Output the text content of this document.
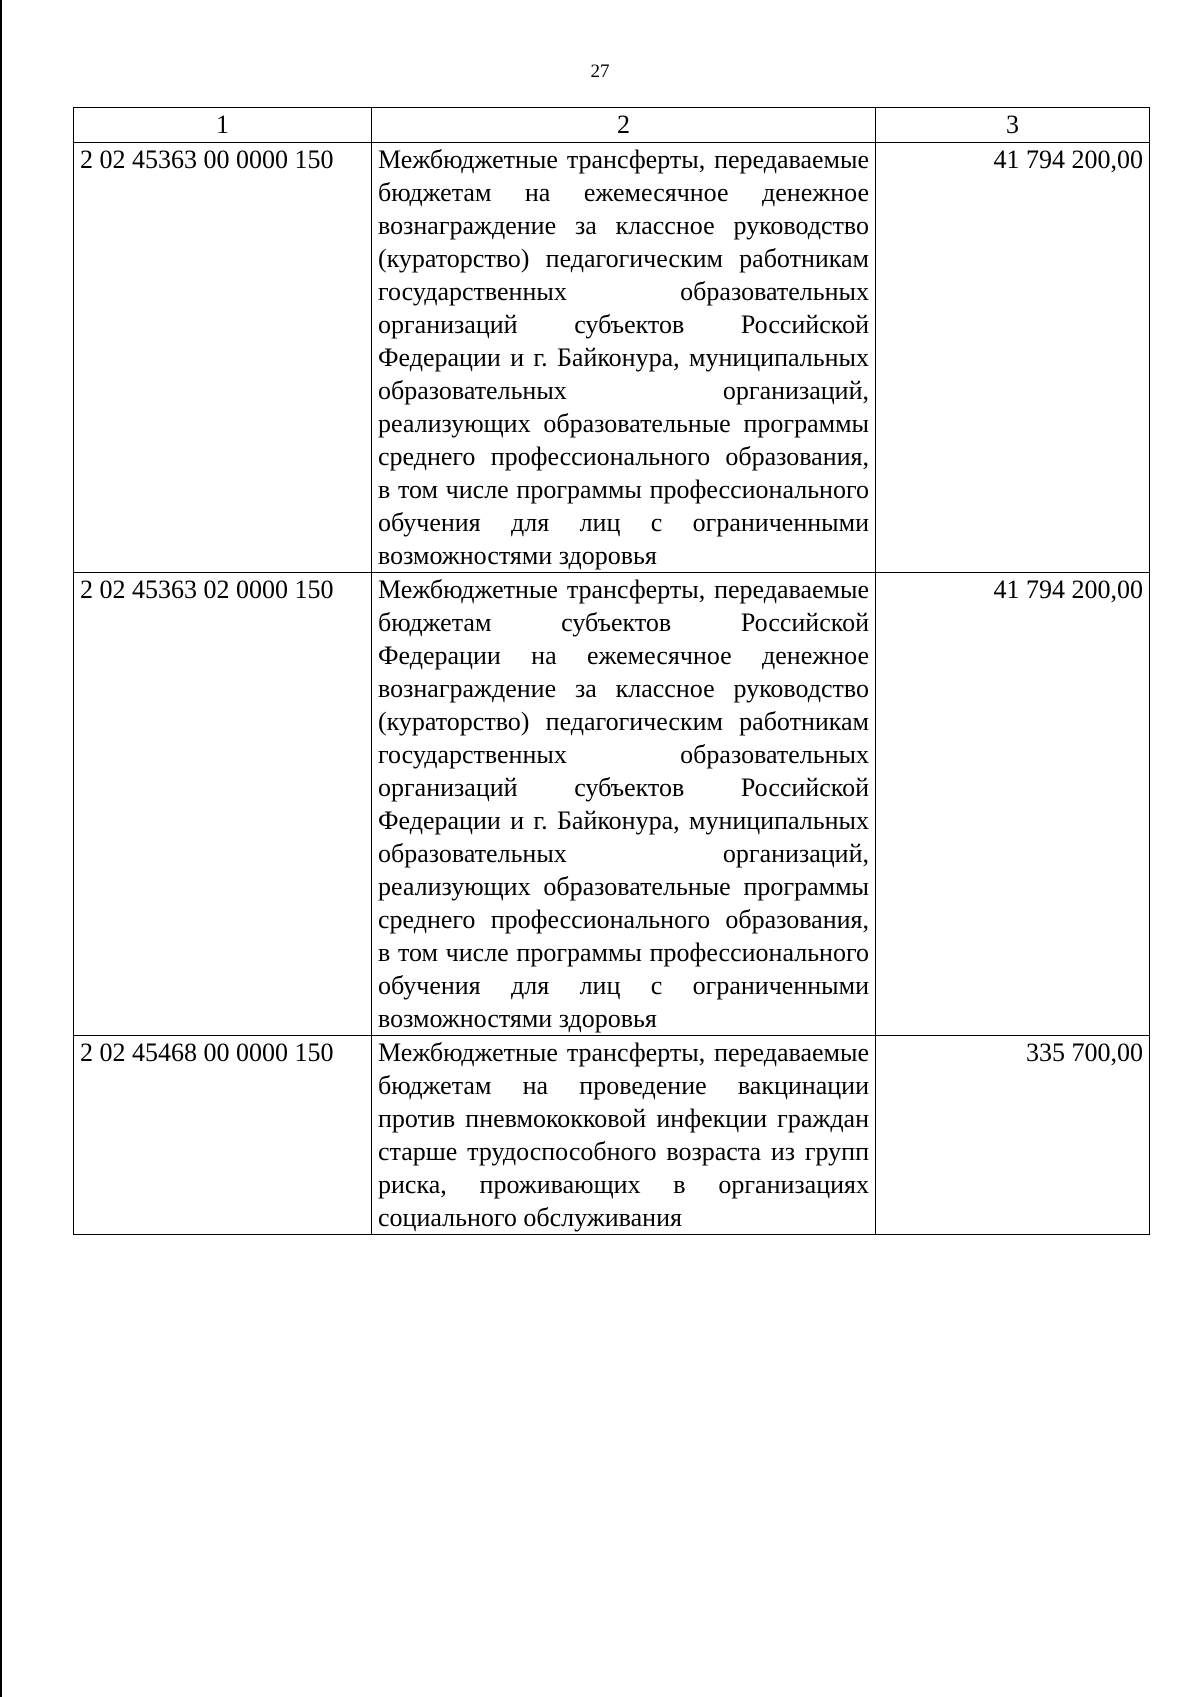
27
1	2	3
2 02 45363 00 0000 150	Межбюджетные трансферты, передаваемые бюджетам на ежемесячное денежное вознаграждение за классное руководство (кураторство) педагогическим работникам государственных образовательных организаций субъектов Российской Федерации и г. Байконура, муниципальных образовательных организаций, реализующих образовательные программы среднего профессионального образования, в том числе программы профессионального обучения для лиц с ограниченными возможностями здоровья	41 794 200,00
2 02 45363 02 0000 150	Межбюджетные трансферты, передаваемые бюджетам субъектов Российской Федерации на ежемесячное денежное вознаграждение за классное руководство (кураторство) педагогическим работникам государственных образовательных организаций субъектов Российской Федерации и г. Байконура, муниципальных образовательных организаций, реализующих образовательные программы среднего профессионального образования, в том числе программы профессионального обучения для лиц с ограниченными возможностями здоровья	41 794 200,00
2 02 45468 00 0000 150	Межбюджетные трансферты, передаваемые бюджетам на проведение вакцинации против пневмококковой инфекции граждан старше трудоспособного возраста из групп риска, проживающих в организациях социального обслуживания	335 700,00
